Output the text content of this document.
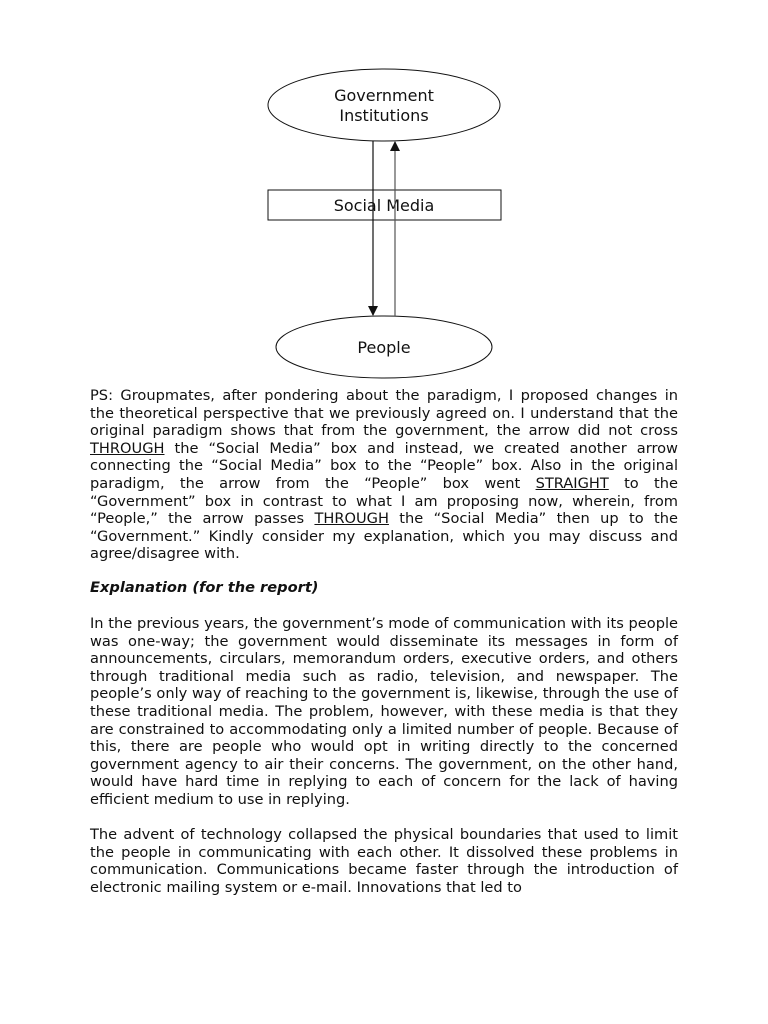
Government
Institutions
Social Media
People

PS: Groupmates, after pondering about the paradigm, I proposed changes in the theoretical perspective that we previously agreed on. I understand that the original paradigm shows that from the government, the arrow did not cross THROUGH the “Social Media” box and instead, we created another arrow connecting the “Social Media” box to the “People” box. Also in the original paradigm, the arrow from the “People” box went STRAIGHT to the “Government” box in contrast to what I am proposing now, wherein, from “People,” the arrow passes THROUGH the “Social Media” then up to the “Government.” Kindly consider my explanation, which you may discuss and agree/disagree with.

Explanation (for the report)

In the previous years, the government’s mode of communication with its people was one-way; the government would disseminate its messages in form of announcements, circulars, memorandum orders, executive orders, and others through traditional media such as radio, television, and newspaper. The people’s only way of reaching to the government is, likewise, through the use of these traditional media. The problem, however, with these media is that they are constrained to accommodating only a limited number of people. Because of this, there are people who would opt in writing directly to the concerned government agency to air their concerns. The government, on the other hand, would have hard time in replying to each of concern for the lack of having efficient medium to use in replying.

The advent of technology collapsed the physical boundaries that used to limit the people in communicating with each other. It dissolved these problems in communication. Communications became faster through the introduction of electronic mailing system or e-mail. Innovations that led to
